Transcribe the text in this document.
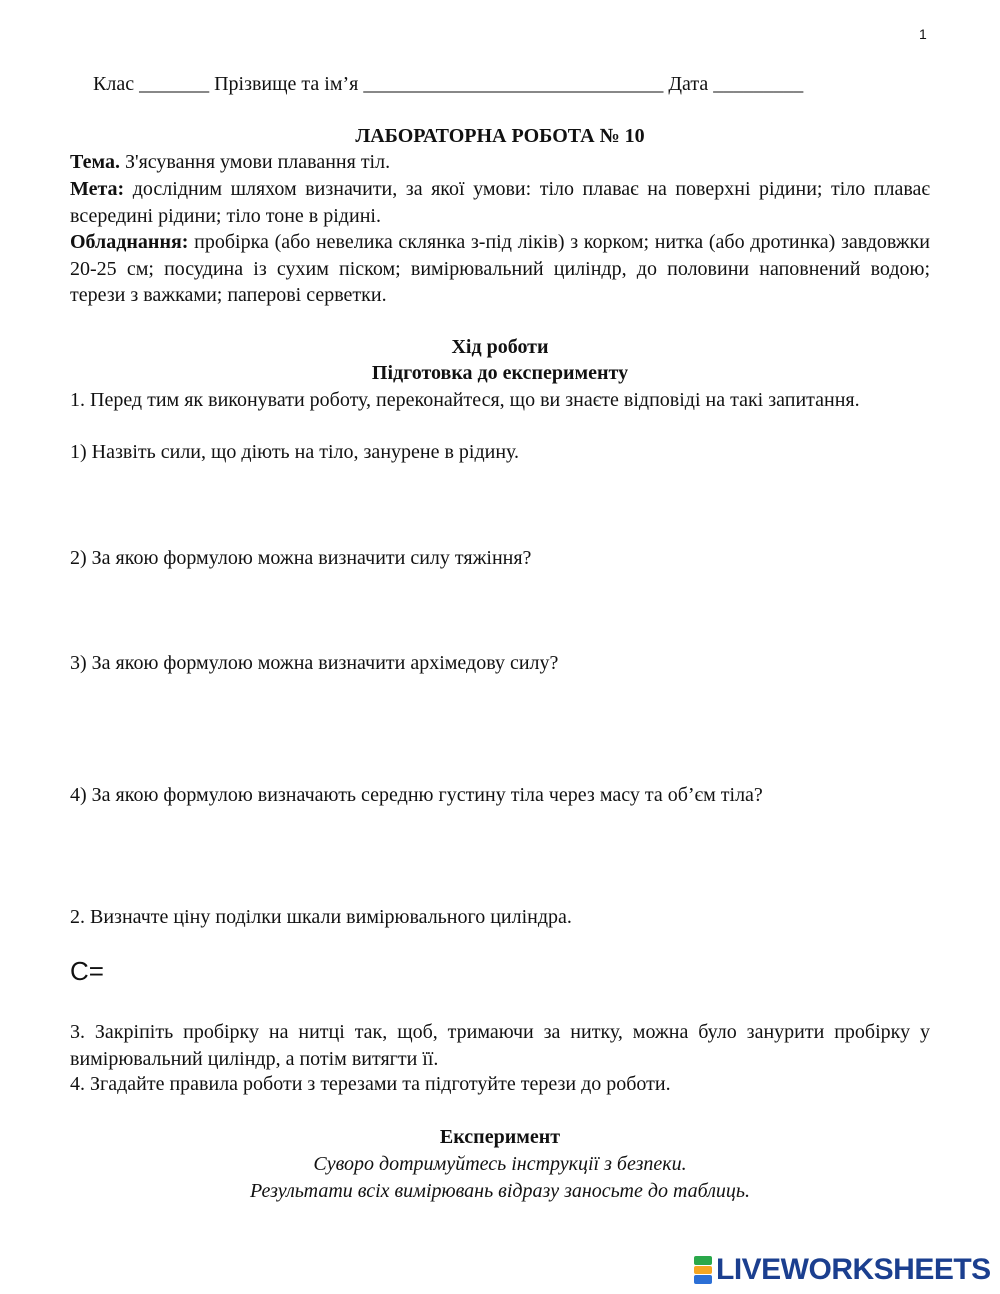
1
Клас _______ Прізвище та ім’я ______________________________ Дата _________
ЛАБОРАТОРНА РОБОТА № 10
Тема. З'ясування умови плавання тіл.
Мета: дослідним шляхом визначити, за якої умови: тіло плаває на поверхні рідини; тіло плаває всередині рідини; тіло тоне в рідині.
Обладнання: пробірка (або невелика склянка з-під ліків) з корком; нитка (або дротинка) завдовжки 20-25 см; посудина із сухим піском; вимірювальний циліндр, до половини наповнений водою; терези з важками; паперові серветки.
Хід роботи
Підготовка до експерименту
1. Перед тим як виконувати роботу, переконайтеся, що ви знаєте відповіді на такі запитання.
1) Назвіть сили, що діють на тіло, занурене в рідину.
2) За якою формулою можна визначити силу тяжіння?
3) За якою формулою можна визначити архімедову силу?
4) За якою формулою визначають середню густину тіла через масу та об’єм тіла?
2. Визначте ціну поділки шкали вимірювального циліндра.
C=
3. Закріпіть пробірку на нитці так, щоб, тримаючи за нитку, можна було занурити пробірку у вимірювальний циліндр, а потім витягти її.
4. Згадайте правила роботи з терезами та підготуйте терези до роботи.
Експеримент
Суворо дотримуйтесь інструкції з безпеки.
Результати всіх вимірювань відразу заносьте до таблиць.
LIVEWORKSHEETS
